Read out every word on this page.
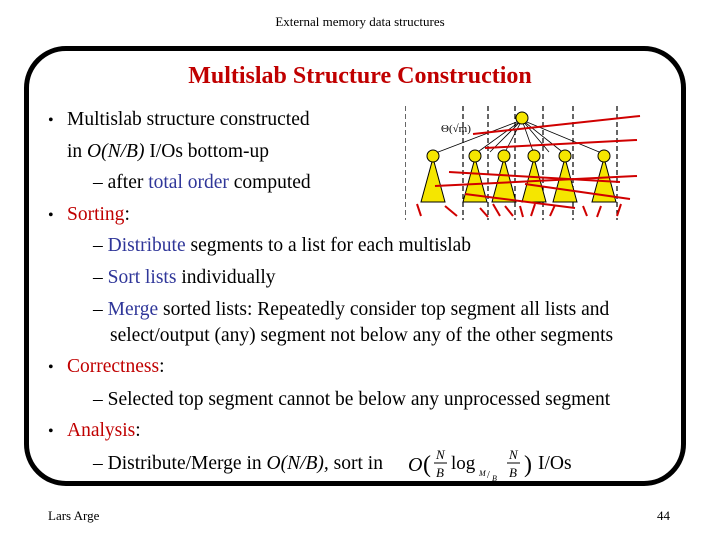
External memory data structures
Multislab Structure Construction
• Multislab structure constructed
in O(N/B) I/Os bottom-up
– after total order computed
• Sorting:
– Distribute segments to a list for each multislab
– Sort lists individually
– Merge sorted lists: Repeatedly consider top segment all lists and
select/output (any) segment not below any of the other segments
• Correctness:
– Selected top segment cannot be below any unprocessed segment
• Analysis:
– Distribute/Merge in O(N/B), sort in	I/Os
O ( N
B log M / B
N
B )
Θ(√m)
Lars Arge	44
